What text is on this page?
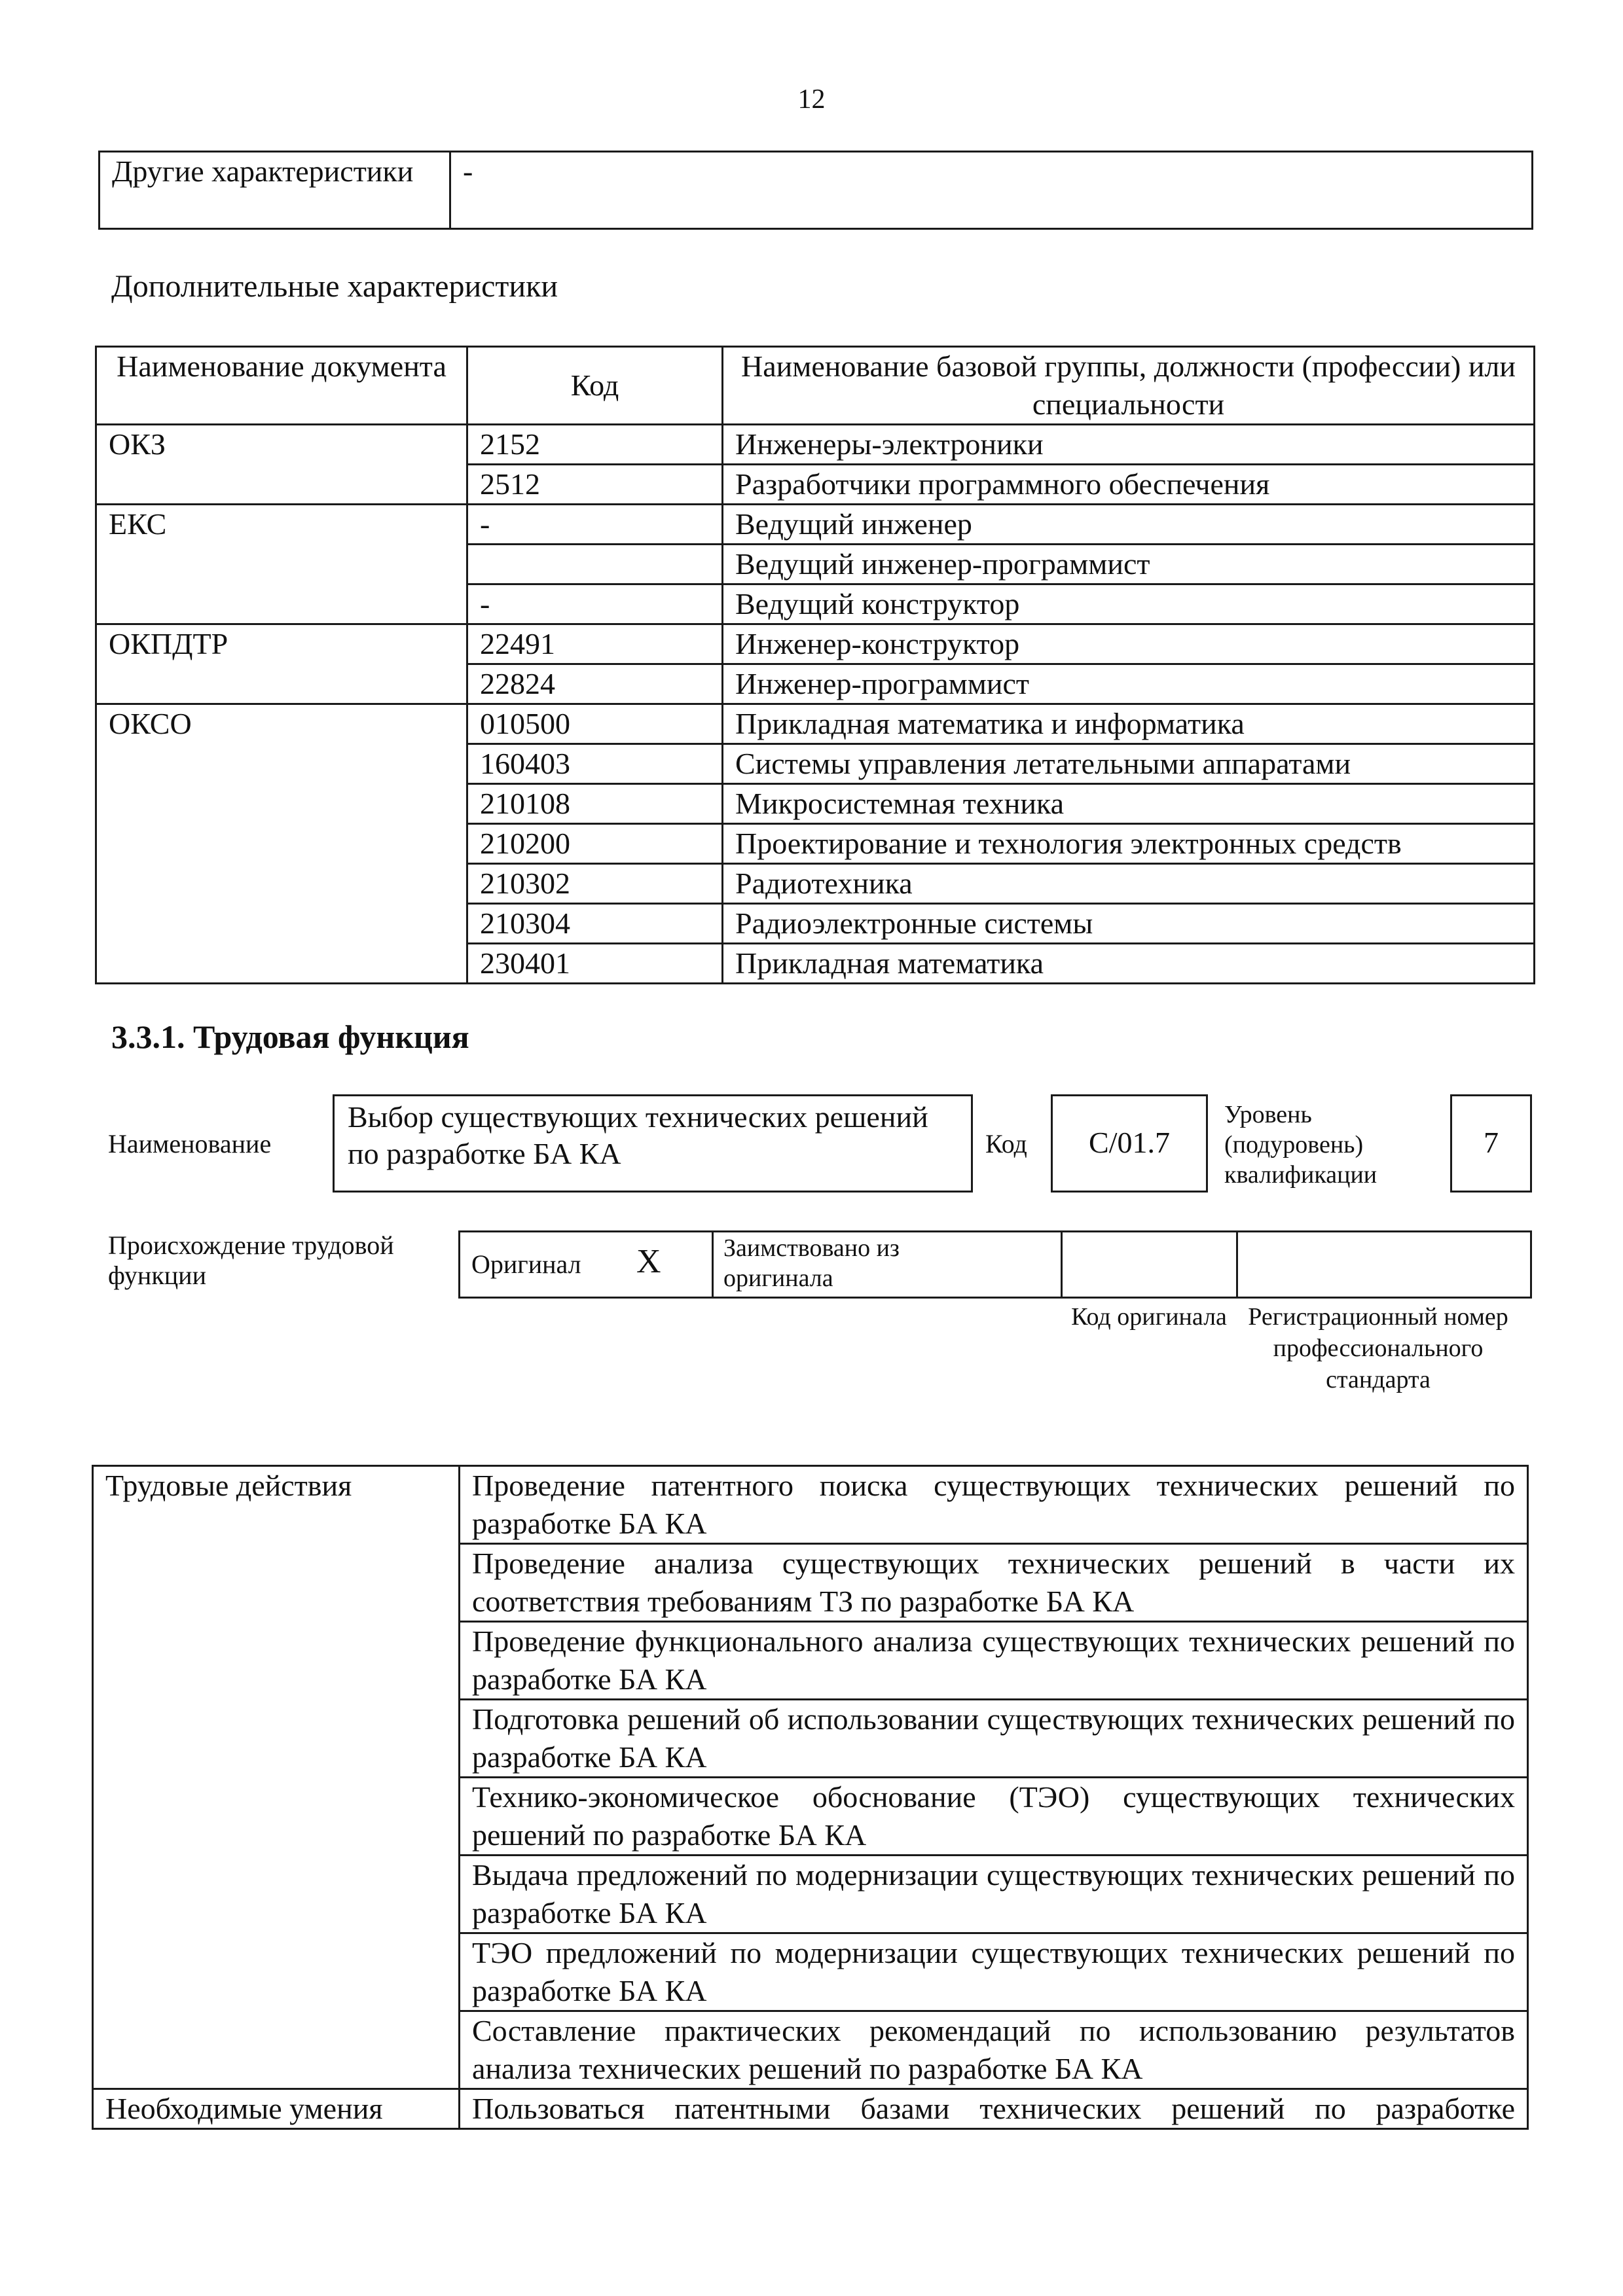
12
Другие характеристики	-
Дополнительные характеристики
Наименование документа	Код	Наименование базовой группы, должности (профессии) или специальности
ОКЗ	2152	Инженеры-электроники
	2512	Разработчики программного обеспечения
ЕКС	-	Ведущий инженер
		Ведущий инженер-программист
	-	Ведущий конструктор
ОКПДТР	22491	Инженер-конструктор
	22824	Инженер-программист
ОКСО	010500	Прикладная математика и информатика
	160403	Системы управления летательными аппаратами
	210108	Микросистемная техника
	210200	Проектирование и технология электронных средств
	210302	Радиотехника
	210304	Радиоэлектронные системы
	230401	Прикладная математика
3.3.1. Трудовая функция
Наименование
Выбор существующих технических решений по разработке БА КА	Код	С/01.7
Уровень (подуровень) квалификации
7
Происхождение трудовой функции	Оригинал X	Заимствовано из оригинала
Код оригинала Регистрационный номер профессионального стандарта
Трудовые действия	Проведение патентного поиска существующих технических решений по разработке БА КА
	Проведение анализа существующих технических решений в части их соответствия требованиям ТЗ по разработке БА КА
	Проведение функционального анализа существующих технических решений по разработке БА КА
	Подготовка решений об использовании существующих технических решений по разработке БА КА
	Технико-экономическое обоснование (ТЭО) существующих технических решений по разработке БА КА
	Выдача предложений по модернизации существующих технических решений по разработке БА КА
	ТЭО предложений по модернизации существующих технических решений по разработке БА КА
	Составление практических рекомендаций по использованию результатов анализа технических решений по разработке БА КА
Необходимые умения	Пользоваться патентными базами технических решений по разработке
